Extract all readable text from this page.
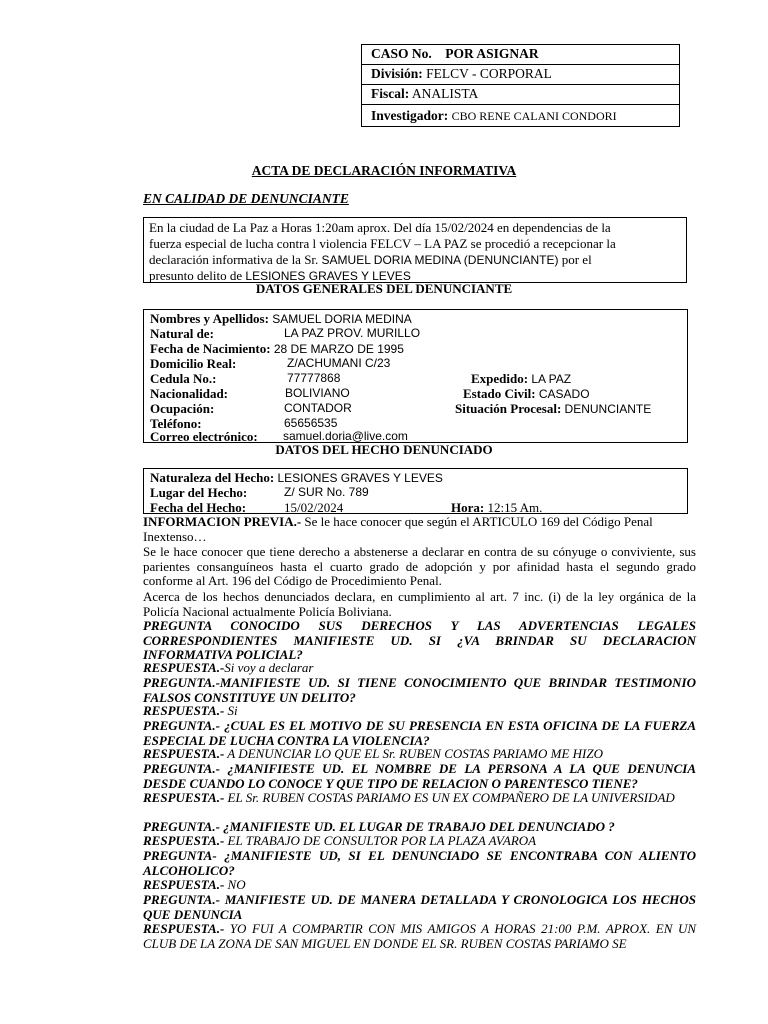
CASO No. POR ASIGNAR
División: FELCV - CORPORAL
Fiscal: ANALISTA
Investigador: CBO RENE CALANI CONDORI
ACTA DE DECLARACIÓN INFORMATIVA
EN CALIDAD DE DENUNCIANTE
En la ciudad de La Paz a Horas 1:20am aprox. Del día 15/02/2024 en dependencias de la
fuerza especial de lucha contra l violencia FELCV – LA PAZ se procedió a recepcionar la
declaración informativa de la Sr. SAMUEL DORIA MEDINA (DENUNCIANTE) por el
presunto delito de LESIONES GRAVES Y LEVES
DATOS GENERALES DEL DENUNCIANTE
Nombres y Apellidos: SAMUEL DORIA MEDINA
Natural de:	LA PAZ PROV. MURILLO
Fecha de Nacimiento: 28 DE MARZO DE 1995
Domicilio Real:	Z/ACHUMANI C/23
Cedula No.:	77777868	Expedido: LA PAZ
Nacionalidad:	BOLIVIANO	Estado Civil: CASADO
Ocupación:	CONTADOR	Situación Procesal: DENUNCIANTE
Teléfono:	65656535
Correo electrónico: samuel.doria@live.com
DATOS DEL HECHO DENUNCIADO
Naturaleza del Hecho: LESIONES GRAVES Y LEVES
Lugar del Hecho:	Z/ SUR No. 789
Fecha del Hecho:	15/02/2024	Hora: 12:15 Am.
INFORMACION PREVIA.- Se le hace conocer que según el ARTICULO 169 del Código Penal
Inextenso…
Se le hace conocer que tiene derecho a abstenerse a declarar en contra de su cónyuge o conviviente, sus parientes consanguíneos hasta el cuarto grado de adopción y por afinidad hasta el segundo grado conforme al Art. 196 del Código de Procedimiento Penal.
Acerca de los hechos denunciados declara, en cumplimiento al art. 7 inc. (i) de la ley orgánica de la Policía Nacional actualmente Policía Boliviana.
PREGUNTA CONOCIDO SUS DERECHOS Y LAS ADVERTENCIAS LEGALES CORRESPONDIENTES MANIFIESTE UD. SI ¿VA BRINDAR SU DECLARACION INFORMATIVA POLICIAL?
RESPUESTA.-Si voy a declarar
PREGUNTA.-MANIFIESTE UD. SI TIENE CONOCIMIENTO QUE BRINDAR TESTIMONIO FALSOS CONSTITUYE UN DELITO?
RESPUESTA.- Si
PREGUNTA.- ¿CUAL ES EL MOTIVO DE SU PRESENCIA EN ESTA OFICINA DE LA FUERZA ESPECIAL DE LUCHA CONTRA LA VIOLENCIA?
RESPUESTA.- A DENUNCIAR LO QUE EL Sr. RUBEN COSTAS PARIAMO ME HIZO
PREGUNTA.- ¿MANIFIESTE UD. EL NOMBRE DE LA PERSONA A LA QUE DENUNCIA DESDE CUANDO LO CONOCE Y QUE TIPO DE RELACION O PARENTESCO TIENE?
RESPUESTA.- EL Sr. RUBEN COSTAS PARIAMO ES UN EX COMPAÑERO DE LA UNIVERSIDAD
PREGUNTA.- ¿MANIFIESTE UD. EL LUGAR DE TRABAJO DEL DENUNCIADO ?
RESPUESTA.- EL TRABAJO DE CONSULTOR POR LA PLAZA AVAROA
PREGUNTA- ¿MANIFIESTE UD, SI EL DENUNCIADO SE ENCONTRABA CON ALIENTO ALCOHOLICO?
RESPUESTA.- NO
PREGUNTA.- MANIFIESTE UD. DE MANERA DETALLADA Y CRONOLOGICA LOS HECHOS QUE DENUNCIA
RESPUESTA.- YO FUI A COMPARTIR CON MIS AMIGOS A HORAS 21:00 P.M. APROX. EN UN CLUB DE LA ZONA DE SAN MIGUEL EN DONDE EL SR. RUBEN COSTAS PARIAMO SE
